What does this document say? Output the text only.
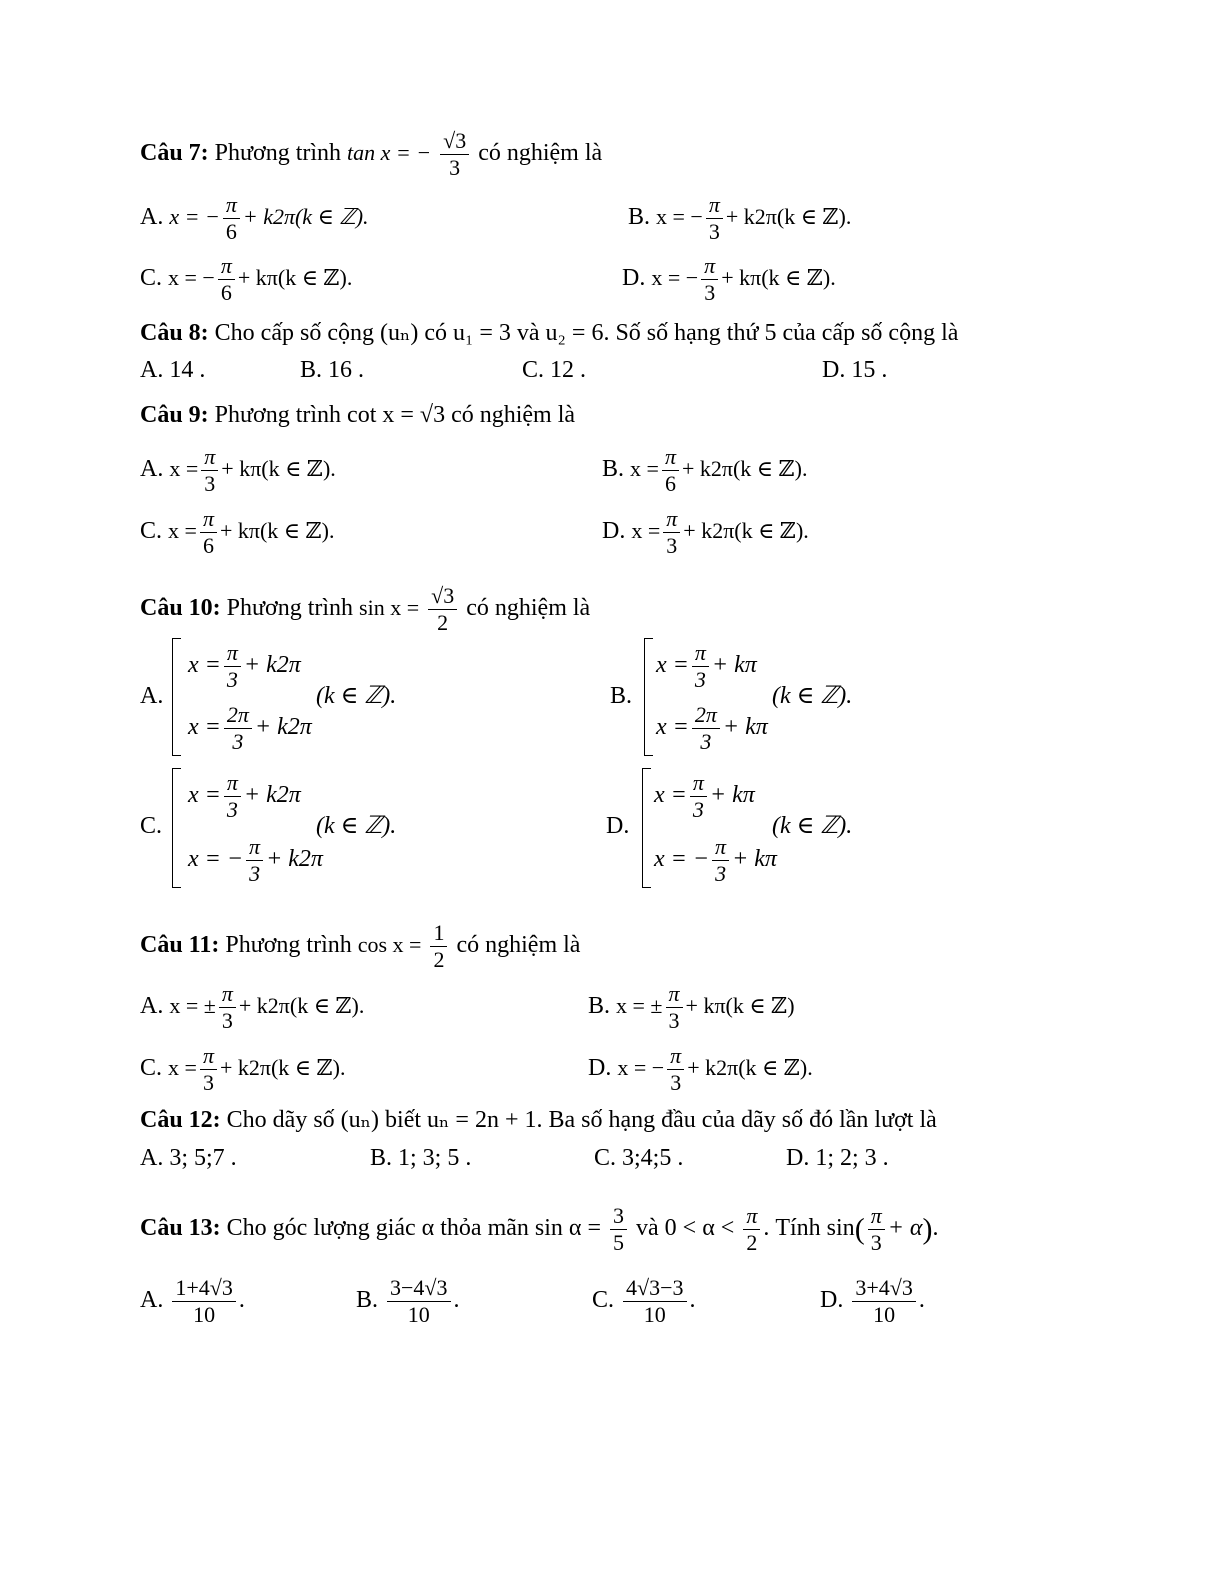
Câu 7: Phương trình tan x = − $\frac{√3}{3}$ có nghiệm là
A. x = − $\frac{\pi}{6} + k2\pi(k$ ∈ ℤ).	B. x = − $\frac{\pi}{3} + k2\pi(k$ ∈ ℤ).
C. x = − $\frac{\pi}{6} + k\pi(k$ ∈ ℤ).	D. x = − $\frac{\pi}{3} + k\pi(k$ ∈ ℤ).
Câu 8: Cho cấp số cộng (uₙ) có u₁ = 3 và u₂ = 6. Số số hạng thứ 5 của cấp số cộng là
A. 14 .	B. 16 .	C. 12 .	D. 15 .
Câu 9: Phương trình cot x = √3 có nghiệm là
A. $x = \frac{\pi}{3} + k\pi(k$ ∈ ℤ).	B. $x = \frac{\pi}{6} + k2\pi(k$ ∈ ℤ).
C. $x = \frac{\pi}{6} + k\pi(k$ ∈ ℤ).	D. $x = \frac{\pi}{3} + k2\pi(k$ ∈ ℤ).
Câu 10: Phương trình $\sin x = \frac{√3}{2}$ có nghiệm là
A.
$x = \frac{\pi}{3} + k2\pi$
$x = \frac{2\pi}{3} + k2\pi$
(k ∈ ℤ).	B.
$x = \frac{\pi}{3} + k\pi$
$x = \frac{2\pi}{3} + k\pi$
(k ∈ ℤ).
C.
$x = \frac{\pi}{3} + k2\pi$
x = − $\frac{\pi}{3} + k2\pi$
(k ∈ ℤ).	D.
$x = \frac{\pi}{3} + k\pi$
x = − $\frac{\pi}{3} + k\pi$
(k ∈ ℤ).
Câu 11: Phương trình $\cos x = \frac{1}{2}$ có nghiệm là
A. x = ± $\frac{\pi}{3} + k2\pi(k$ ∈ ℤ).	B. x = ± $\frac{\pi}{3} + k\pi(k$ ∈ ℤ)
C. $x = \frac{\pi}{3} + k2\pi(k$ ∈ ℤ).	D. x = − $\frac{\pi}{3} + k2\pi(k$ ∈ ℤ).
Câu 12: Cho dãy số (uₙ) biết uₙ = 2n + 1. Ba số hạng đầu của dãy số đó lần lượt là
A. 3; 5;7 .	B. 1; 3; 5 .	C. 3;4;5 .	D. 1; 2; 3 .
Câu 13: Cho góc lượng giác α thỏa mãn $\sin \alpha = \frac{3}{5}$ và $0 < \alpha < \frac{\pi}{2}$ . Tính $\sin( \frac{\pi}{3} + \alpha)$.
A. $\frac{1+4√3}{10}$ .	B. $\frac{3-4√3}{10}$ .	C. $\frac{4√3-3}{10}$ .	D. $\frac{3+4√3}{10}$ .
